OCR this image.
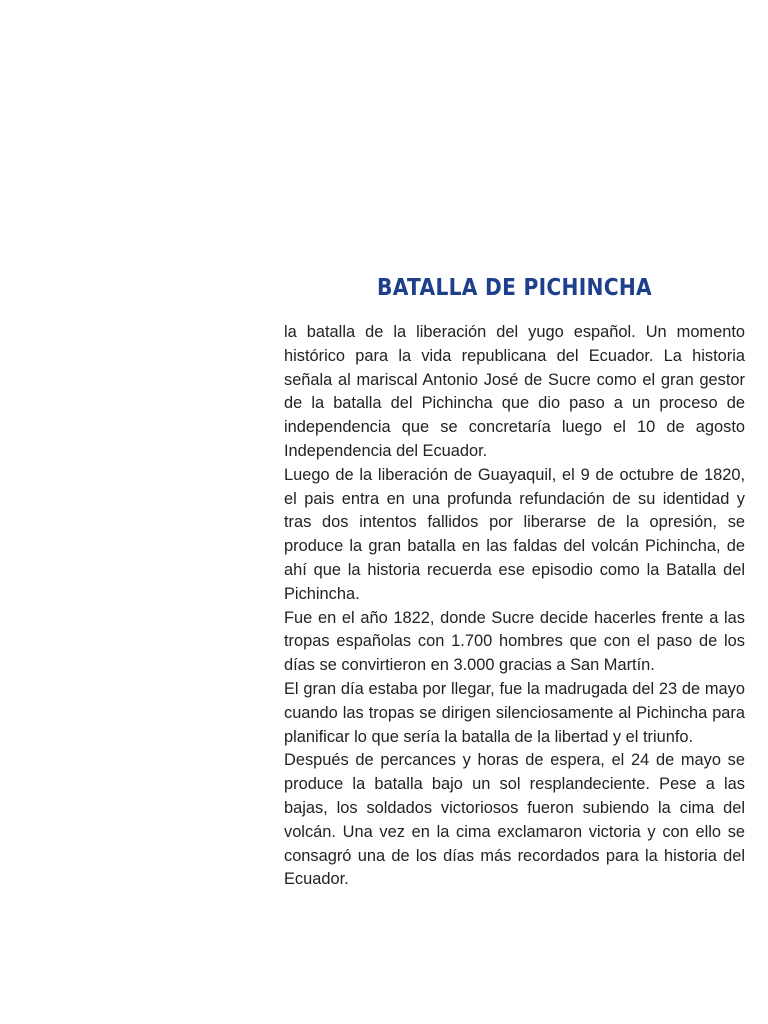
BATALLA DE PICHINCHA

la batalla de la liberación del yugo español. Un momento histórico para la vida republicana del Ecuador. La historia señala al mariscal Antonio José de Sucre como el gran gestor de la batalla del Pichincha que dio paso a un proceso de independencia que se concretaría luego el 10 de agosto Independencia del Ecuador.

Luego de la liberación de Guayaquil, el 9 de octubre de 1820, el pais entra en una profunda refundación de su identidad y tras dos intentos fallidos por liberarse de la opresión, se produce la gran batalla en las faldas del volcán Pichincha, de ahí que la historia recuerda ese episodio como la Batalla del Pichincha.

Fue en el año 1822, donde Sucre decide hacerles frente a las tropas españolas con 1.700 hombres que con el paso de los días se convirtieron en 3.000 gracias a San Martín.

El gran día estaba por llegar, fue la madrugada del 23 de mayo cuando las tropas se dirigen silenciosamente al Pichincha para planificar lo que sería la batalla de la libertad y el triunfo.

Después de percances y horas de espera, el 24 de mayo se produce la batalla bajo un sol resplandeciente. Pese a las bajas, los soldados victoriosos fueron subiendo la cima del volcán. Una vez en la cima exclamaron victoria y con ello se consagró una de los días más recordados para la historia del Ecuador.
